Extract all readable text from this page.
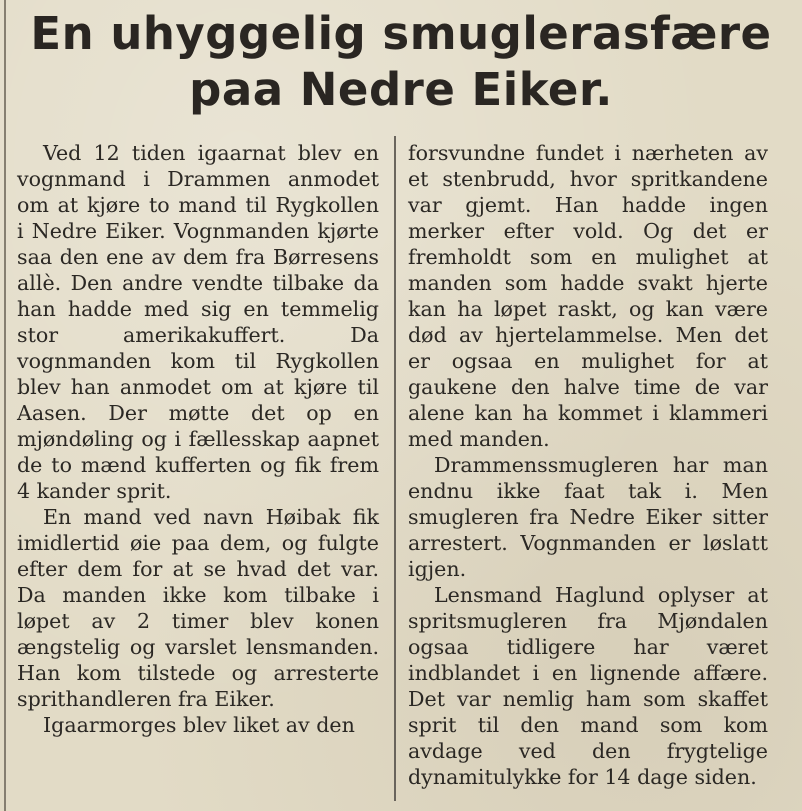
En uhyggelig smuglerasfære
paa Nedre Eiker.

Ved 12 tiden igaarnat blev en vognmand i Drammen anmodet om at kjøre to mand til Rygkollen i Nedre Eiker. Vognmanden kjørte saa den ene av dem fra Børresens allè. Den andre vendte tilbake da han hadde med sig en temmelig stor amerikakuffert. Da vognmanden kom til Rygkollen blev han anmodet om at kjøre til Aasen. Der møtte det op en mjøndøling og i fællesskap aapnet de to mænd kufferten og fik frem 4 kander sprit.

En mand ved navn Høibak fik imidlertid øie paa dem, og fulgte efter dem for at se hvad det var. Da manden ikke kom tilbake i løpet av 2 timer blev konen ængstelig og varslet lensmanden. Han kom tilstede og arresterte sprithandleren fra Eiker.

Igaarmorges blev liket av den

forsvundne fundet i nærheten av et stenbrudd, hvor spritkandene var gjemt. Han hadde ingen merker efter vold. Og det er fremholdt som en mulighet at manden som hadde svakt hjerte kan ha løpet raskt, og kan være død av hjertelammelse. Men det er ogsaa en mulighet for at gaukene den halve time de var alene kan ha kommet i klammeri med manden.

Drammenssmugleren har man endnu ikke faat tak i. Men smugleren fra Nedre Eiker sitter arrestert. Vognmanden er løslatt igjen.

Lensmand Haglund oplyser at spritsmugleren fra Mjøndalen ogsaa tidligere har været indblandet i en lignende affære. Det var nemlig ham som skaffet sprit til den mand som kom avdage ved den frygtelige dynamitulykke for 14 dage siden.
